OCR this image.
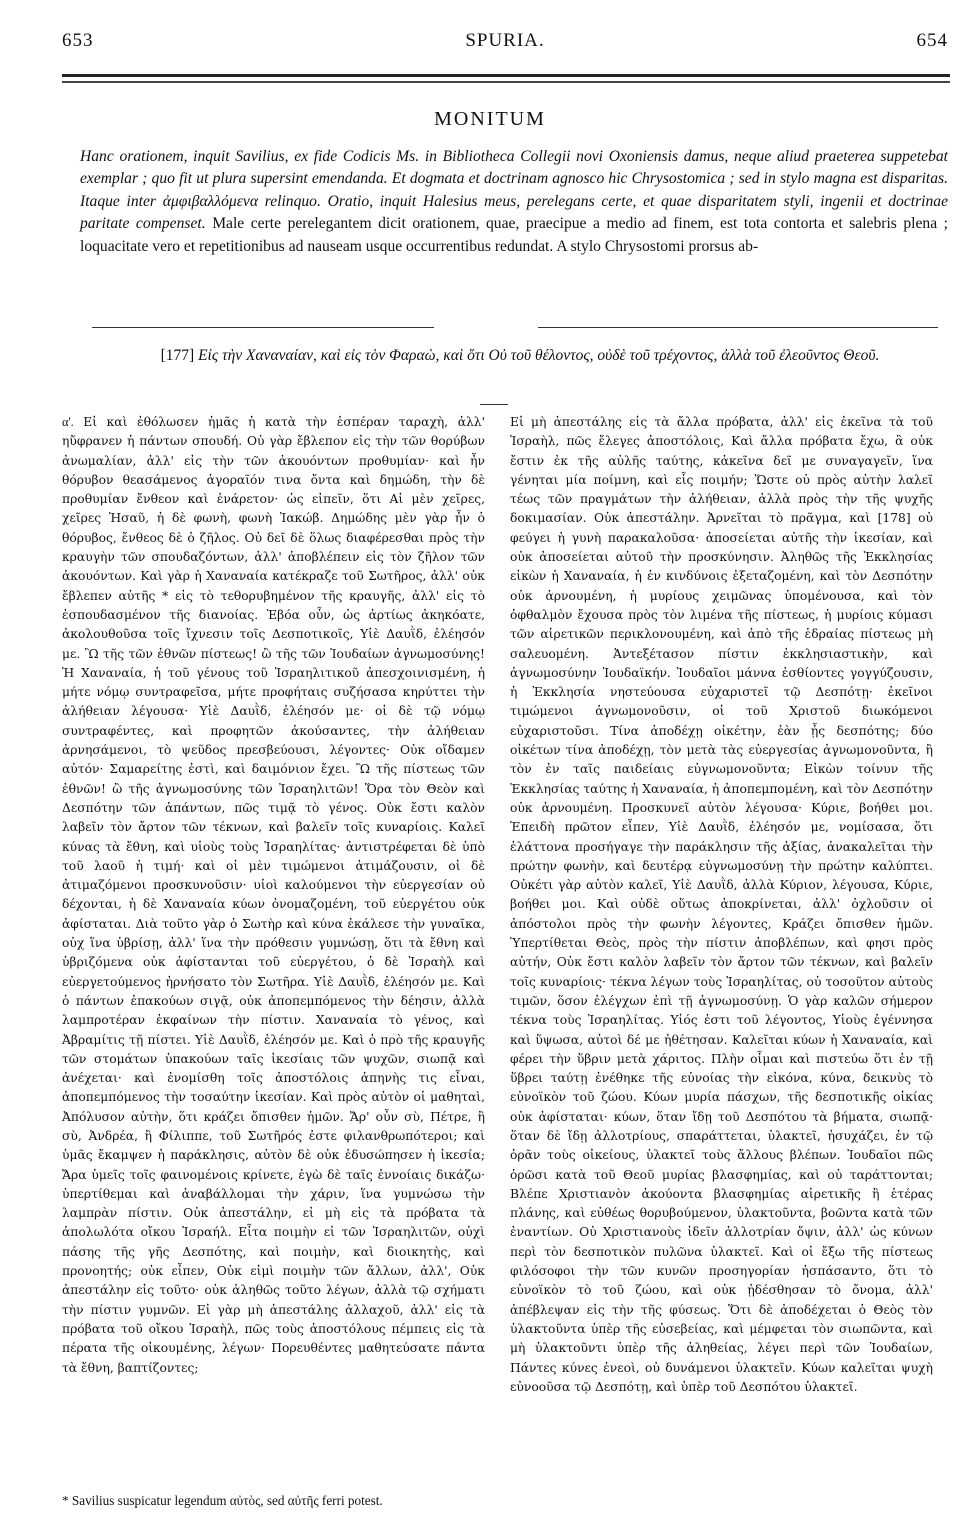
653	SPURIA.	654
MONITUM

Hanc orationem, inquit Savilius, ex fide Codicis Ms. in Bibliotheca Collegii novi Oxoniensis damus, neque aliud praeterea suppetebat exemplar ; quo fit ut plura supersint emendanda. Et dogmata et doctrinam agnosco hic Chrysostomica ; sed in stylo magna est disparitas. Itaque inter ἀμφιβαλλόμενα relinquo. Oratio, inquit Halesius meus, perelegans certe, et quae disparitatem styli, ingenii et doctrinae paritate compenset. Male certe perelegantem dicit orationem, quae, praecipue a medio ad finem, est tota contorta et salebris plena ; loquacitate vero et repetitionibus ad nauseam usque occurrentibus redundat. A stylo Chrysostomi prorsus ab-

[177] Εἰς τὴν Χαναναίαν, καὶ εἰς τὸν Φαραὼ, καὶ ὅτι Οὐ τοῦ θέλοντος, οὐδὲ τοῦ τρέχοντος, ἀλλὰ τοῦ ἐλεοῦντος Θεοῦ.

α'. Εἰ καὶ ἐθόλωσεν ἡμᾶς ἡ κατὰ τὴν ἑσπέραν ταραχὴ, ἀλλ' ηὔφρανεν ἡ πάντων σπουδή. Οὐ γὰρ ἔβλεπον εἰς τὴν τῶν θορύβων ἀνωμαλίαν, ἀλλ' εἰς τὴν τῶν ἀκουόντων προθυμίαν· καὶ ἦν θόρυβον θεασάμενος ἀγοραῖόν τινα ὄντα καὶ δημώδη, τὴν δὲ προθυμίαν ἔνθεον καὶ ἐνάρετον· ὡς εἰπεῖν, ὅτι Αἱ μὲν χεῖρες, χεῖρες Ἠσαῦ, ἡ δὲ φωνὴ, φωνὴ Ἰακώβ. Δημώδης μὲν γὰρ ἦν ὁ θόρυβος, ἔνθεος δὲ ὁ ζῆλος. Οὐ δεῖ δὲ ὅλως διαφέρεσθαι πρὸς τὴν κραυγὴν τῶν σπουδαζόντων, ἀλλ' ἀποβλέπειν εἰς τὸν ζῆλον τῶν ἀκουόντων. Καὶ γὰρ ἡ Χαναναία κατέκραζε τοῦ Σωτῆρος, ἀλλ' οὐκ ἔβλεπεν αὐτῆς * εἰς τὸ τεθορυβημένον τῆς κραυγῆς, ἀλλ' εἰς τὸ ἐσπουδασμένον τῆς διανοίας. Ἐβόα οὖν, ὡς ἀρτίως ἀκηκόατε, ἀκολουθοῦσα τοῖς ἴχνεσιν τοῖς Δεσποτικοῖς, Υἱὲ Δαυῒδ, ἐλέησόν με. Ὢ τῆς τῶν ἐθνῶν πίστεως! ὢ τῆς τῶν Ἰουδαίων ἀγνωμοσύνης! Ἡ Χαναναία, ἡ τοῦ γένους τοῦ Ἰσραηλιτικοῦ ἀπεσχοινισμένη, ἡ μήτε νόμῳ συντραφεῖσα, μήτε προφήταις συζήσασα κηρύττει τὴν ἀλήθειαν λέγουσα· Υἱὲ Δαυῒδ, ἐλέησόν με· οἱ δὲ τῷ νόμῳ συντραφέντες, καὶ προφητῶν ἀκούσαντες, τὴν ἀλήθειαν ἀρνησάμενοι, τὸ ψεῦδος πρεσβεύουσι, λέγοντες· Οὐκ οἴδαμεν αὐτόν· Σαμαρείτης ἐστὶ, καὶ δαιμόνιον ἔχει. Ὢ τῆς πίστεως τῶν ἐθνῶν! ὢ τῆς ἀγνωμοσύνης τῶν Ἰσραηλιτῶν! Ὅρα τὸν Θεὸν καὶ Δεσπότην τῶν ἁπάντων, πῶς τιμᾷ τὸ γένος. Οὐκ ἔστι καλὸν λαβεῖν τὸν ἄρτον τῶν τέκνων, καὶ βαλεῖν τοῖς κυναρίοις. Καλεῖ κύνας τὰ ἔθνη, καὶ υἱοὺς τοὺς Ἰσραηλίτας· ἀντιστρέφεται δὲ ὑπὸ τοῦ λαοῦ ἡ τιμή· καὶ οἱ μὲν τιμώμενοι ἀτιμάζουσιν, οἱ δὲ ἀτιμαζόμενοι προσκυνοῦσιν· υἱοὶ καλούμενοι τὴν εὐεργεσίαν οὐ δέχονται, ἡ δὲ Χαναναία κύων ὀνομαζομένη, τοῦ εὐεργέτου οὐκ ἀφίσταται. Διὰ τοῦτο γὰρ ὁ Σωτὴρ καὶ κύνα ἐκάλεσε τὴν γυναῖκα, οὐχ ἵνα ὑβρίσῃ, ἀλλ' ἵνα τὴν πρόθεσιν γυμνώσῃ, ὅτι τὰ ἔθνη καὶ ὑβριζόμενα οὐκ ἀφίστανται τοῦ εὐεργέτου, ὁ δὲ Ἰσραὴλ καὶ εὐεργετούμενος ἠρνήσατο τὸν Σωτῆρα. Υἱὲ Δαυῒδ, ἐλέησόν με. Καὶ ὁ πάντων ἐπακούων σιγᾷ, οὐκ ἀποπεμπόμενος τὴν δέησιν, ἀλλὰ λαμπροτέραν ἐκφαίνων τὴν πίστιν. Χαναναία τὸ γένος, καὶ Ἀβραμίτις τῇ πίστει. Υἱὲ Δαυῒδ, ἐλέησόν με. Καὶ ὁ πρὸ τῆς κραυγῆς τῶν στομάτων ὑπακούων ταῖς ἱκεσίαις τῶν ψυχῶν, σιωπᾷ καὶ ἀνέχεται· καὶ ἐνομίσθη τοῖς ἀποστόλοις ἀπηνὴς τις εἶναι, ἀποπεμπόμενος τὴν τοσαύτην ἱκεσίαν. Καὶ πρὸς αὐτὸν οἱ μαθηταὶ, Ἀπόλυσον αὐτὴν, ὅτι κράζει ὄπισθεν ἡμῶν. Ἄρ' οὖν σὺ, Πέτρε, ἢ σὺ, Ἀνδρέα, ἢ Φίλιππε, τοῦ Σωτῆρός ἐστε φιλανθρωπότεροι; καὶ ὑμᾶς ἔκαμψεν ἡ παράκλησις, αὐτὸν δὲ οὐκ ἐδυσώπησεν ἡ ἱκεσία; Ἄρα ὑμεῖς τοῖς φαινομένοις κρίνετε, ἐγὼ δὲ ταῖς ἐννοίαις δικάζω· ὑπερτίθεμαι καὶ ἀναβάλλομαι τὴν χάριν, ἵνα γυμνώσω τὴν λαμπρὰν πίστιν. Οὐκ ἀπεστάλην, εἰ μὴ εἰς τὰ πρόβατα τὰ ἀπολωλότα οἴκου Ἰσραήλ. Εἶτα ποιμὴν εἰ τῶν Ἰσραηλιτῶν, οὐχὶ πάσης τῆς γῆς Δεσπότης, καὶ ποιμὴν, καὶ διοικητὴς, καὶ προνοητής; οὐκ εἶπεν, Οὐκ εἰμὶ ποιμὴν τῶν ἄλλων, ἀλλ', Οὐκ ἀπεστάλην εἰς τοῦτο· οὐκ ἀληθῶς τοῦτο λέγων, ἀλλὰ τῷ σχήματι τὴν πίστιν γυμνῶν. Εἰ γὰρ μὴ ἀπεστάλης ἀλλαχοῦ, ἀλλ' εἰς τὰ πρόβατα τοῦ οἴκου Ἰσραὴλ, πῶς τοὺς ἀποστόλους πέμπεις εἰς τὰ πέρατα τῆς οἰκουμένης, λέγων· Πορευθέντες μαθητεύσατε πάντα τὰ ἔθνη, βαπτίζοντες;

Εἰ μὴ ἀπεστάλης εἰς τὰ ἄλλα πρόβατα, ἀλλ' εἰς ἐκεῖνα τὰ τοῦ Ἰσραὴλ, πῶς ἔλεγες ἀποστόλοις, Καὶ ἄλλα πρόβατα ἔχω, ἃ οὐκ ἔστιν ἐκ τῆς αὐλῆς ταύτης, κἀκεῖνα δεῖ με συναγαγεῖν, ἵνα γένηται μία ποίμνη, καὶ εἷς ποιμήν; Ὥστε οὐ πρὸς αὐτὴν λαλεῖ τέως τῶν πραγμάτων τὴν ἀλήθειαν, ἀλλὰ πρὸς τὴν τῆς ψυχῆς δοκιμασίαν. Οὐκ ἀπεστάλην. Ἀρνεῖται τὸ πρᾶγμα, καὶ [178] οὐ φεύγει ἡ γυνὴ παρακαλοῦσα· ἀποσείεται αὐτῆς τὴν ἱκεσίαν, καὶ οὐκ ἀποσείεται αὐτοῦ τὴν προσκύνησιν. Ἀληθῶς τῆς Ἐκκλησίας εἰκὼν ἡ Χαναναία, ἡ ἐν κινδύνοις ἐξεταζομένη, καὶ τὸν Δεσπότην οὐκ ἀρνουμένη, ἡ μυρίους χειμῶνας ὑπομένουσα, καὶ τὸν ὀφθαλμὸν ἔχουσα πρὸς τὸν λιμένα τῆς πίστεως, ἡ μυρίοις κύμασι τῶν αἱρετικῶν περικλονουμένη, καὶ ἀπὸ τῆς ἑδραίας πίστεως μὴ σαλευομένη. Ἀντεξέτασον πίστιν ἐκκλησιαστικὴν, καὶ ἀγνωμοσύνην Ἰουδαϊκήν. Ἰουδαῖοι μάννα ἐσθίοντες γογγύζουσιν, ἡ Ἐκκλησία νηστεύουσα εὐχαριστεῖ τῷ Δεσπότῃ· ἐκεῖνοι τιμώμενοι ἀγνωμονοῦσιν, οἱ τοῦ Χριστοῦ διωκόμενοι εὐχαριστοῦσι. Τίνα ἀποδέχῃ οἰκέτην, ἐὰν ᾖς δεσπότης; δύο οἰκέτων τίνα ἀποδέχῃ, τὸν μετὰ τὰς εὐεργεσίας ἀγνωμονοῦντα, ἢ τὸν ἐν ταῖς παιδείαις εὐγνωμονοῦντα; Εἰκὼν τοίνυν τῆς Ἐκκλησίας ταύτης ἡ Χαναναία, ἡ ἀποπεμπομένη, καὶ τὸν Δεσπότην οὐκ ἀρνουμένη. Προσκυνεῖ αὐτὸν λέγουσα· Κύριε, βοήθει μοι. Ἐπειδὴ πρῶτον εἶπεν, Υἱὲ Δαυῒδ, ἐλέησόν με, νομίσασα, ὅτι ἐλάττονα προσήγαγε τὴν παράκλησιν τῆς ἀξίας, ἀνακαλεῖται τὴν πρώτην φωνὴν, καὶ δευτέρᾳ εὐγνωμοσύνῃ τὴν πρώτην καλύπτει. Οὐκέτι γὰρ αὐτὸν καλεῖ, Υἱὲ Δαυῒδ, ἀλλὰ Κύριον, λέγουσα, Κύριε, βοήθει μοι. Καὶ οὐδὲ οὕτως ἀποκρίνεται, ἀλλ' ὀχλοῦσιν οἱ ἀπόστολοι πρὸς τὴν φωνὴν λέγοντες, Κράζει ὄπισθεν ἡμῶν. Ὑπερτίθεται Θεὸς, πρὸς τὴν πίστιν ἀποβλέπων, καὶ φησι πρὸς αὐτήν, Οὐκ ἔστι καλὸν λαβεῖν τὸν ἄρτον τῶν τέκνων, καὶ βαλεῖν τοῖς κυναρίοις· τέκνα λέγων τοὺς Ἰσραηλίτας, οὐ τοσοῦτον αὐτοὺς τιμῶν, ὅσον ἐλέγχων ἐπὶ τῇ ἀγνωμοσύνῃ. Ὁ γὰρ καλῶν σήμερον τέκνα τοὺς Ἰσραηλίτας. Υἱός ἐστι τοῦ λέγοντος, Υἱοὺς ἐγέννησα καὶ ὕψωσα, αὐτοὶ δέ με ἠθέτησαν. Καλεῖται κύων ἡ Χαναναία, καὶ φέρει τὴν ὕβριν μετὰ χάριτος. Πλὴν οἶμαι καὶ πιστεύω ὅτι ἐν τῇ ὕβρει ταύτῃ ἐνέθηκε τῆς εὐνοίας τὴν εἰκόνα, κύνα, δεικνὺς τὸ εὐνοϊκὸν τοῦ ζώου. Κύων μυρία πάσχων, τῆς δεσποτικῆς οἰκίας οὐκ ἀφίσταται· κύων, ὅταν ἴδῃ τοῦ Δεσπότου τὰ βήματα, σιωπᾷ· ὅταν δὲ ἴδῃ ἀλλοτρίους, σπαράττεται, ὑλακτεῖ, ἡσυχάζει, ἐν τῷ ὁρᾶν τοὺς οἰκείους, ὑλακτεῖ τοὺς ἄλλους βλέπων. Ἰουδαῖοι πῶς ὁρῶσι κατὰ τοῦ Θεοῦ μυρίας βλασφημίας, καὶ οὐ ταράττονται; Βλέπε Χριστιανὸν ἀκούοντα βλασφημίας αἱρετικῆς ἢ ἑτέρας πλάνης, καὶ εὐθέως θορυβούμενον, ὑλακτοῦντα, βοῶντα κατὰ τῶν ἐναντίων. Οὐ Χριστιανοὺς ἰδεῖν ἀλλοτρίαν ὄψιν, ἀλλ' ὡς κύνων περὶ τὸν δεσποτικὸν πυλῶνα ὑλακτεῖ. Καὶ οἱ ἔξω τῆς πίστεως φιλόσοφοι τὴν τῶν κυνῶν προσηγορίαν ἠσπάσαντο, ὅτι τὸ εὐνοϊκὸν τὸ τοῦ ζώου, καὶ οὐκ ᾐδέσθησαν τὸ ὄνομα, ἀλλ' ἀπέβλεψαν εἰς τὴν τῆς φύσεως. Ὅτι δὲ ἀποδέχεται ὁ Θεὸς τὸν ὑλακτοῦντα ὑπὲρ τῆς εὐσεβείας, καὶ μέμφεται τὸν σιωπῶντα, καὶ μὴ ὑλακτοῦντι ὑπὲρ τῆς ἀληθείας, λέγει περὶ τῶν Ἰουδαίων, Πάντες κύνες ἐνεοὶ, οὐ δυνάμενοι ὑλακτεῖν. Κύων καλεῖται ψυχὴ εὐνοοῦσα τῷ Δεσπότῃ, καὶ ὑπὲρ τοῦ Δεσπότου ὑλακτεῖ.

* Savilius suspicatur legendum αὐτὸς, sed αὐτῆς ferri potest.
